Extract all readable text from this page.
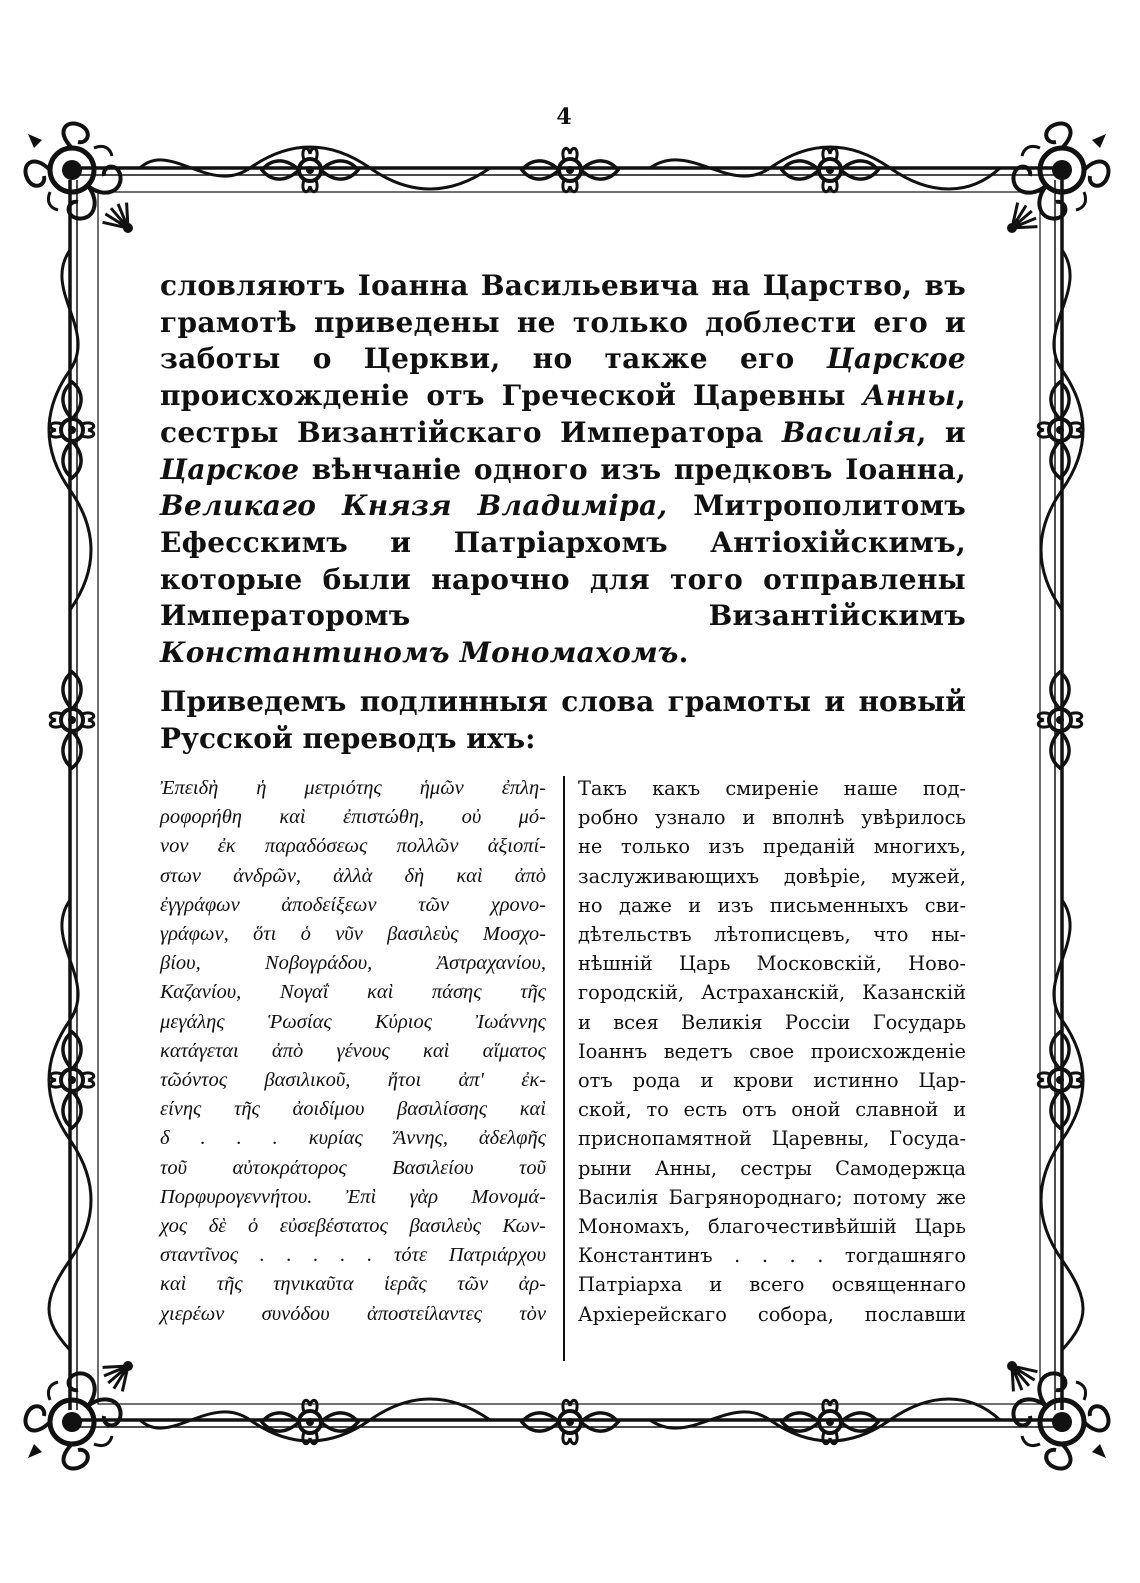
4
словляютъ Іоанна Васильевича на Царство, въ грамотѣ приведены не только доблести его и заботы о Церкви, но также его Царское происхожденіе отъ Греческой Царевны Анны, сестры Византійскаго Императора Василія, и Царское вѣнчаніе одного изъ предковъ Іоанна, Великаго Князя Владиміра, Митрополитомъ Ефесскимъ и Патріархомъ Антіохійскимъ, которые были нарочно для того отправлены Императоромъ Византійскимъ Константиномъ Мономахомъ.
Приведемъ подлинныя слова грамоты и новый Русской переводъ ихъ:
Ἐπειδὴ ἡ μετριότης ἡμῶν ἐπλη-
ροφορήθη καὶ ἐπιστώθη, οὐ μό-
νον ἐκ παραδόσεως πολλῶν ἀξιοπί-
στων ἀνδρῶν, ἀλλὰ δὴ καὶ ἀπὸ
ἐγγράφων ἀποδείξεων τῶν χρονο-
γράφων, ὅτι ὁ νῦν βασιλεὺς Μοσχο-
βίου, Νοβογράδου, Ἀστραχανίου,
Καζανίου, Νογαΐ καὶ πάσης τῆς
μεγάλης Ῥωσίας Κύριος Ἰωάννης
κατάγεται ἀπὸ γένους καὶ αἵματος
τῶόντος βασιλικοῦ, ἤτοι ἀπ' ἐκ-
είνης τῆς ἀοιδίμου βασιλίσσης καὶ
δ . . . κυρίας Ἄννης, ἀδελφῆς
τοῦ αὐτοκράτορος Βασιλείου τοῦ
Πορφυρογεννήτου. Ἐπὶ γὰρ Μονομά-
χος δὲ ὁ εὐσεβέστατος βασιλεὺς Κων-
σταντῖνος . . . . . τότε Πατριάρχου
καὶ τῆς τηνικαῦτα ἱερᾶς τῶν ἀρ-
χιερέων συνόδου ἀποστείλαντες τὸν
Такъ какъ смиреніе наше под-
робно узнало и вполнѣ увѣрилось
не только изъ преданій многихъ,
заслуживающихъ довѣріе, мужей,
но даже и изъ письменныхъ сви-
дѣтельствъ лѣтописцевъ, что ны-
нѣшній Царь Московскій, Ново-
городскій, Астраханскій, Казанскій
и всея Великія Россіи Государь
Іоаннъ ведетъ свое происхожденіе
отъ рода и крови истинно Цар-
ской, то есть отъ оной славной и
приснопамятной Царевны, Госуда-
рыни Анны, сестры Самодержца
Василія Багрянороднаго; потому же
Мономахъ, благочестивѣйшій Царь
Константинъ . . . . тогдашняго
Патріарха и всего освященнаго
Архіерейскаго собора, пославши
